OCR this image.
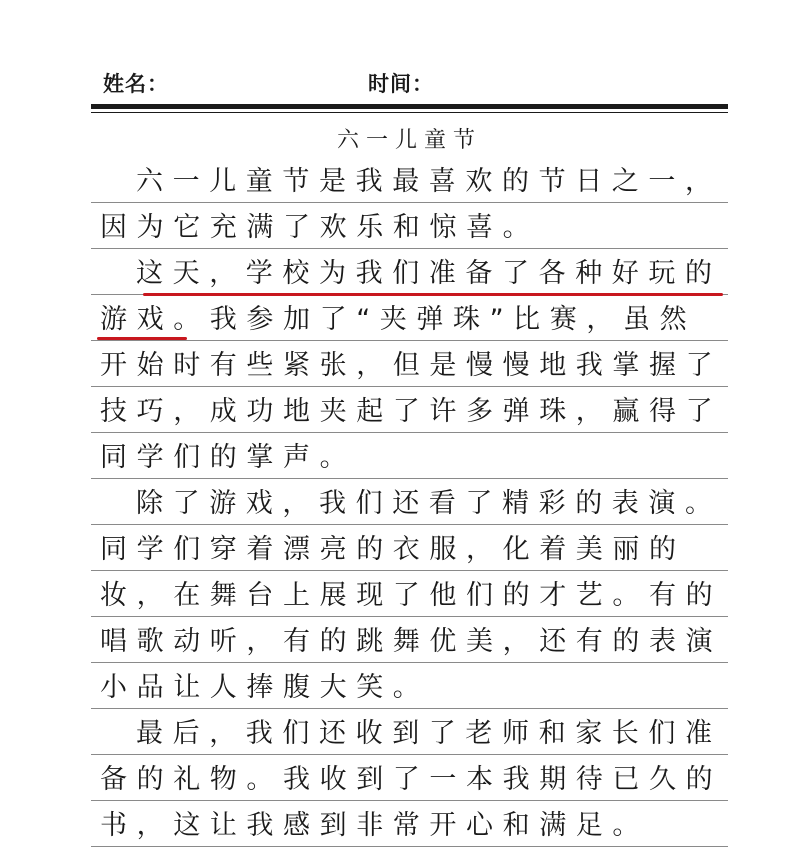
姓名：	时间：
六一儿童节
六一儿童节是我最喜欢的节日之一，
因为它充满了欢乐和惊喜。
这天，学校为我们准备了各种好玩的
游戏。我参加了“夹弹珠”比赛，虽然
开始时有些紧张，但是慢慢地我掌握了
技巧，成功地夹起了许多弹珠，赢得了
同学们的掌声。
除了游戏，我们还看了精彩的表演。
同学们穿着漂亮的衣服，化着美丽的
妆，在舞台上展现了他们的才艺。有的
唱歌动听，有的跳舞优美，还有的表演
小品让人捧腹大笑。
最后，我们还收到了老师和家长们准
备的礼物。我收到了一本我期待已久的
书，这让我感到非常开心和满足。
